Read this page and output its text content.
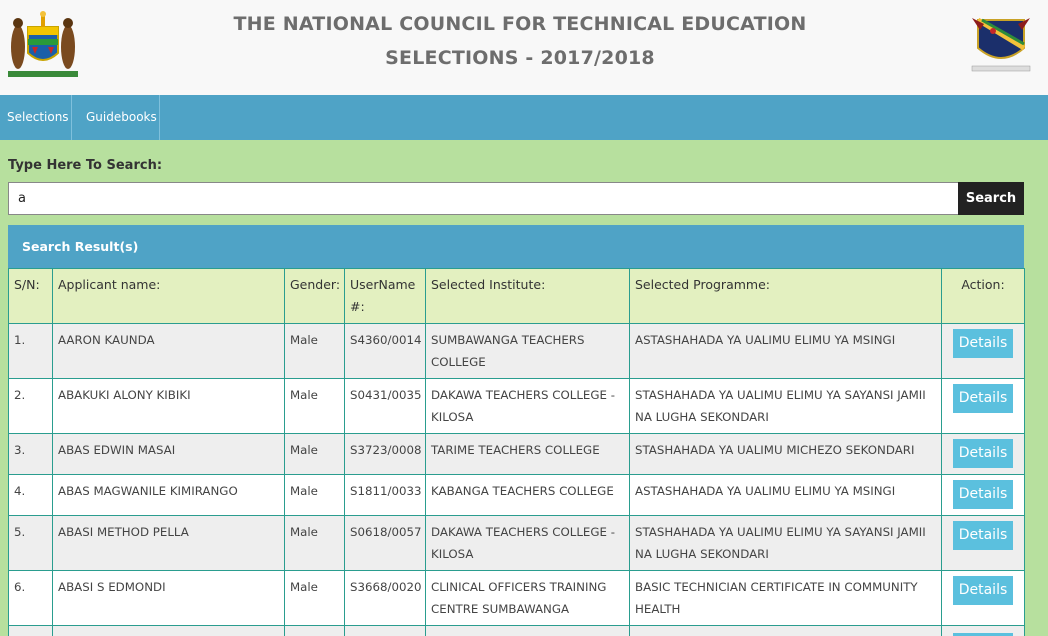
THE NATIONAL COUNCIL FOR TECHNICAL EDUCATION
SELECTIONS - 2017/2018
Selections	Guidebooks
Type Here To Search:
a
Search
Search Result(s)
S/N:	Applicant name:	Gender:	UserName #:	Selected Institute:	Selected Programme:	Action:
1.	AARON KAUNDA	Male	S4360/0014	SUMBAWANGA TEACHERS COLLEGE	ASTASHAHADA YA UALIMU ELIMU YA MSINGI	Details
2.	ABAKUKI ALONY KIBIKI	Male	S0431/0035	DAKAWA TEACHERS COLLEGE - KILOSA	STASHAHADA YA UALIMU ELIMU YA SAYANSI JAMII NA LUGHA SEKONDARI	Details
3.	ABAS EDWIN MASAI	Male	S3723/0008	TARIME TEACHERS COLLEGE	STASHAHADA YA UALIMU MICHEZO SEKONDARI	Details
4.	ABAS MAGWANILE KIMIRANGO	Male	S1811/0033	KABANGA TEACHERS COLLEGE	ASTASHAHADA YA UALIMU ELIMU YA MSINGI	Details
5.	ABASI METHOD PELLA	Male	S0618/0057	DAKAWA TEACHERS COLLEGE - KILOSA	STASHAHADA YA UALIMU ELIMU YA SAYANSI JAMII NA LUGHA SEKONDARI	Details
6.	ABASI S EDMONDI	Male	S3668/0020	CLINICAL OFFICERS TRAINING CENTRE SUMBAWANGA	BASIC TECHNICIAN CERTIFICATE IN COMMUNITY HEALTH	Details
